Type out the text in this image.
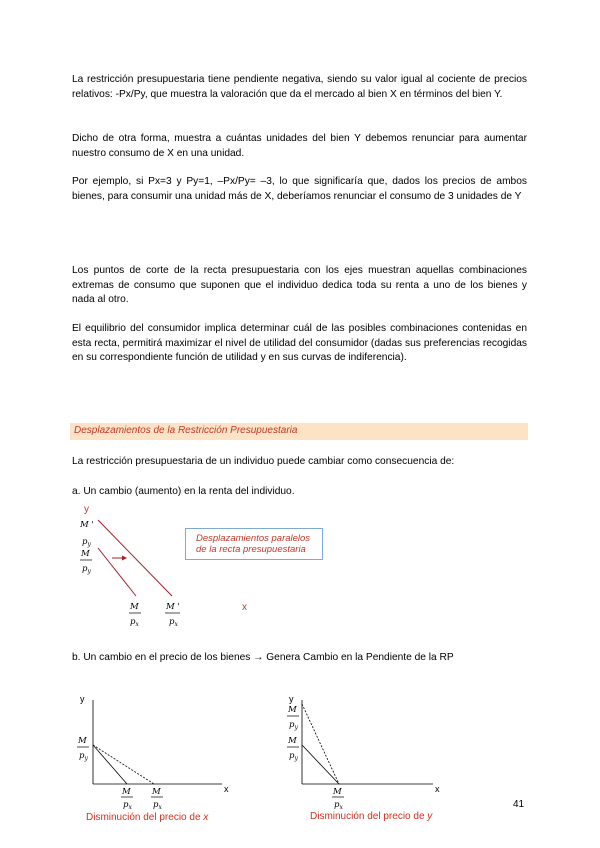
La restricción presupuestaria tiene pendiente negativa, siendo su valor igual al cociente de precios relativos: -Px/Py, que muestra la valoración que da el mercado al bien X en términos del bien Y.

Dicho de otra forma, muestra a cuántas unidades del bien Y debemos renunciar para aumentar nuestro consumo de X en una unidad.

Por ejemplo, si Px=3 y Py=1, –Px/Py= –3, lo que significaría que, dados los precios de ambos bienes, para consumir una unidad más de X, deberíamos renunciar el consumo de 3 unidades de Y

Los puntos de corte de la recta presupuestaria con los ejes muestran aquellas combinaciones extremas de consumo que suponen que el individuo dedica toda su renta a uno de los bienes y nada al otro.

El equilibrio del consumidor implica determinar cuál de las posibles combinaciones contenidas en esta recta, permitirá maximizar el nivel de utilidad del consumidor (dadas sus preferencias recogidas en su correspondiente función de utilidad y en sus curvas de indiferencia).

Desplazamientos de la Restricción Presupuestaria
La restricción presupuestaria de un individuo puede cambiar como consecuencia de:
a. Un cambio (aumento) en la renta del individuo.
y
M '
$p_y$
M
$p_y$
M
$p_x$
M '
$p_x$
x
Desplazamientos paralelos
de la recta presupuestaria
b. Un cambio en el precio de los bienes → Genera Cambio en la Pendiente de la RP
y
M
$p_y$
M
$p_x$
M
$p_x$
x
Disminución del precio de x
y
M
$p_y$
M
$p_y$
M
$p_x$
x
Disminución del precio de y
41
